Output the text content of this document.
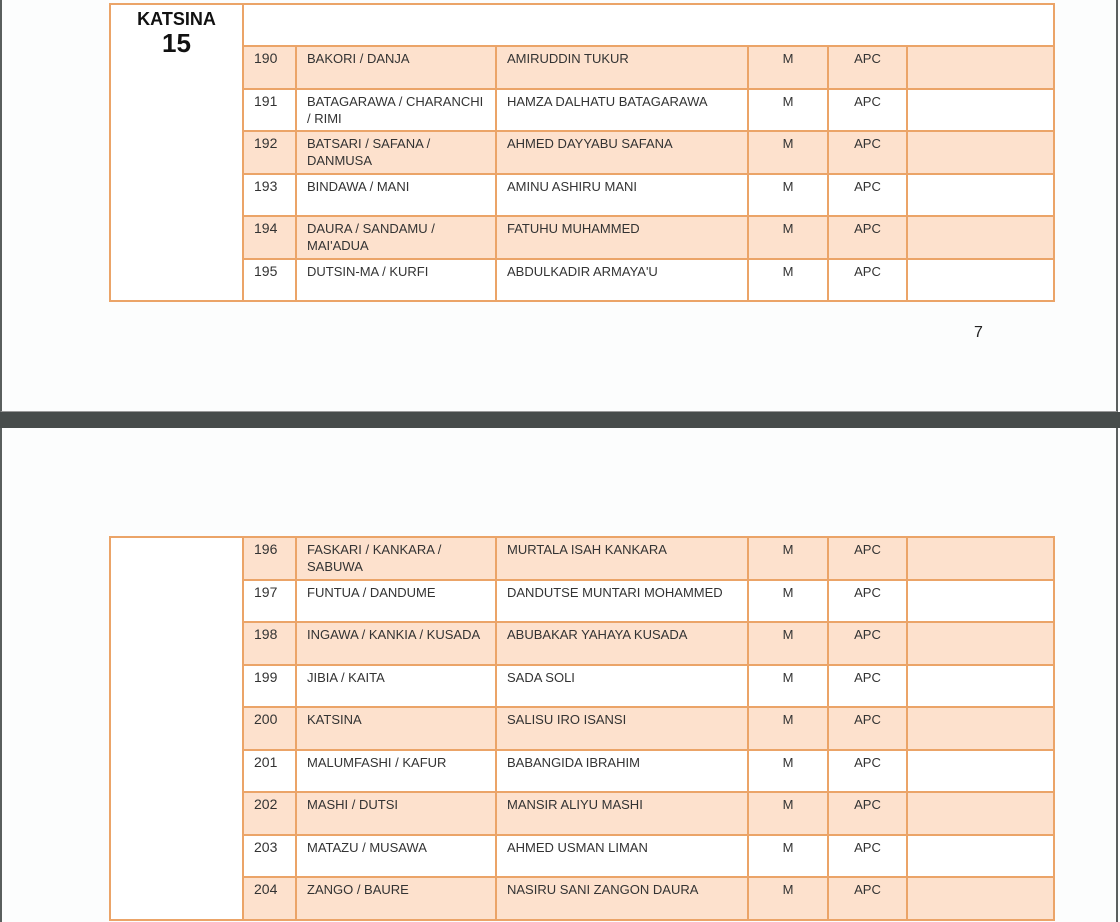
KATSINA
15						

	190	BAKORI / DANJA	AMIRUDDIN TUKUR	M	APC	
	191	BATAGARAWA / CHARANCHI / RIMI	HAMZA DALHATU BATAGARAWA	M	APC	
	192	BATSARI / SAFANA / DANMUSA	AHMED DAYYABU SAFANA	M	APC	
	193	BINDAWA / MANI	AMINU ASHIRU MANI	M	APC	
	194	DAURA / SANDAMU / MAI'ADUA	FATUHU MUHAMMED	M	APC	
	195	DUTSIN-MA / KURFI	ABDULKADIR ARMAYA'U	M	APC	
7
	196	FASKARI / KANKARA / SABUWA	MURTALA ISAH KANKARA	M	APC	
	197	FUNTUA / DANDUME	DANDUTSE MUNTARI MOHAMMED	M	APC	
	198	INGAWA / KANKIA / KUSADA	ABUBAKAR YAHAYA KUSADA	M	APC	
	199	JIBIA / KAITA	SADA SOLI	M	APC	
	200	KATSINA	SALISU IRO ISANSI	M	APC	
	201	MALUMFASHI / KAFUR	BABANGIDA IBRAHIM	M	APC	
	202	MASHI / DUTSI	MANSIR ALIYU MASHI	M	APC	
	203	MATAZU / MUSAWA	AHMED USMAN LIMAN	M	APC	
	204	ZANGO / BAURE	NASIRU SANI ZANGON DAURA	M	APC	
